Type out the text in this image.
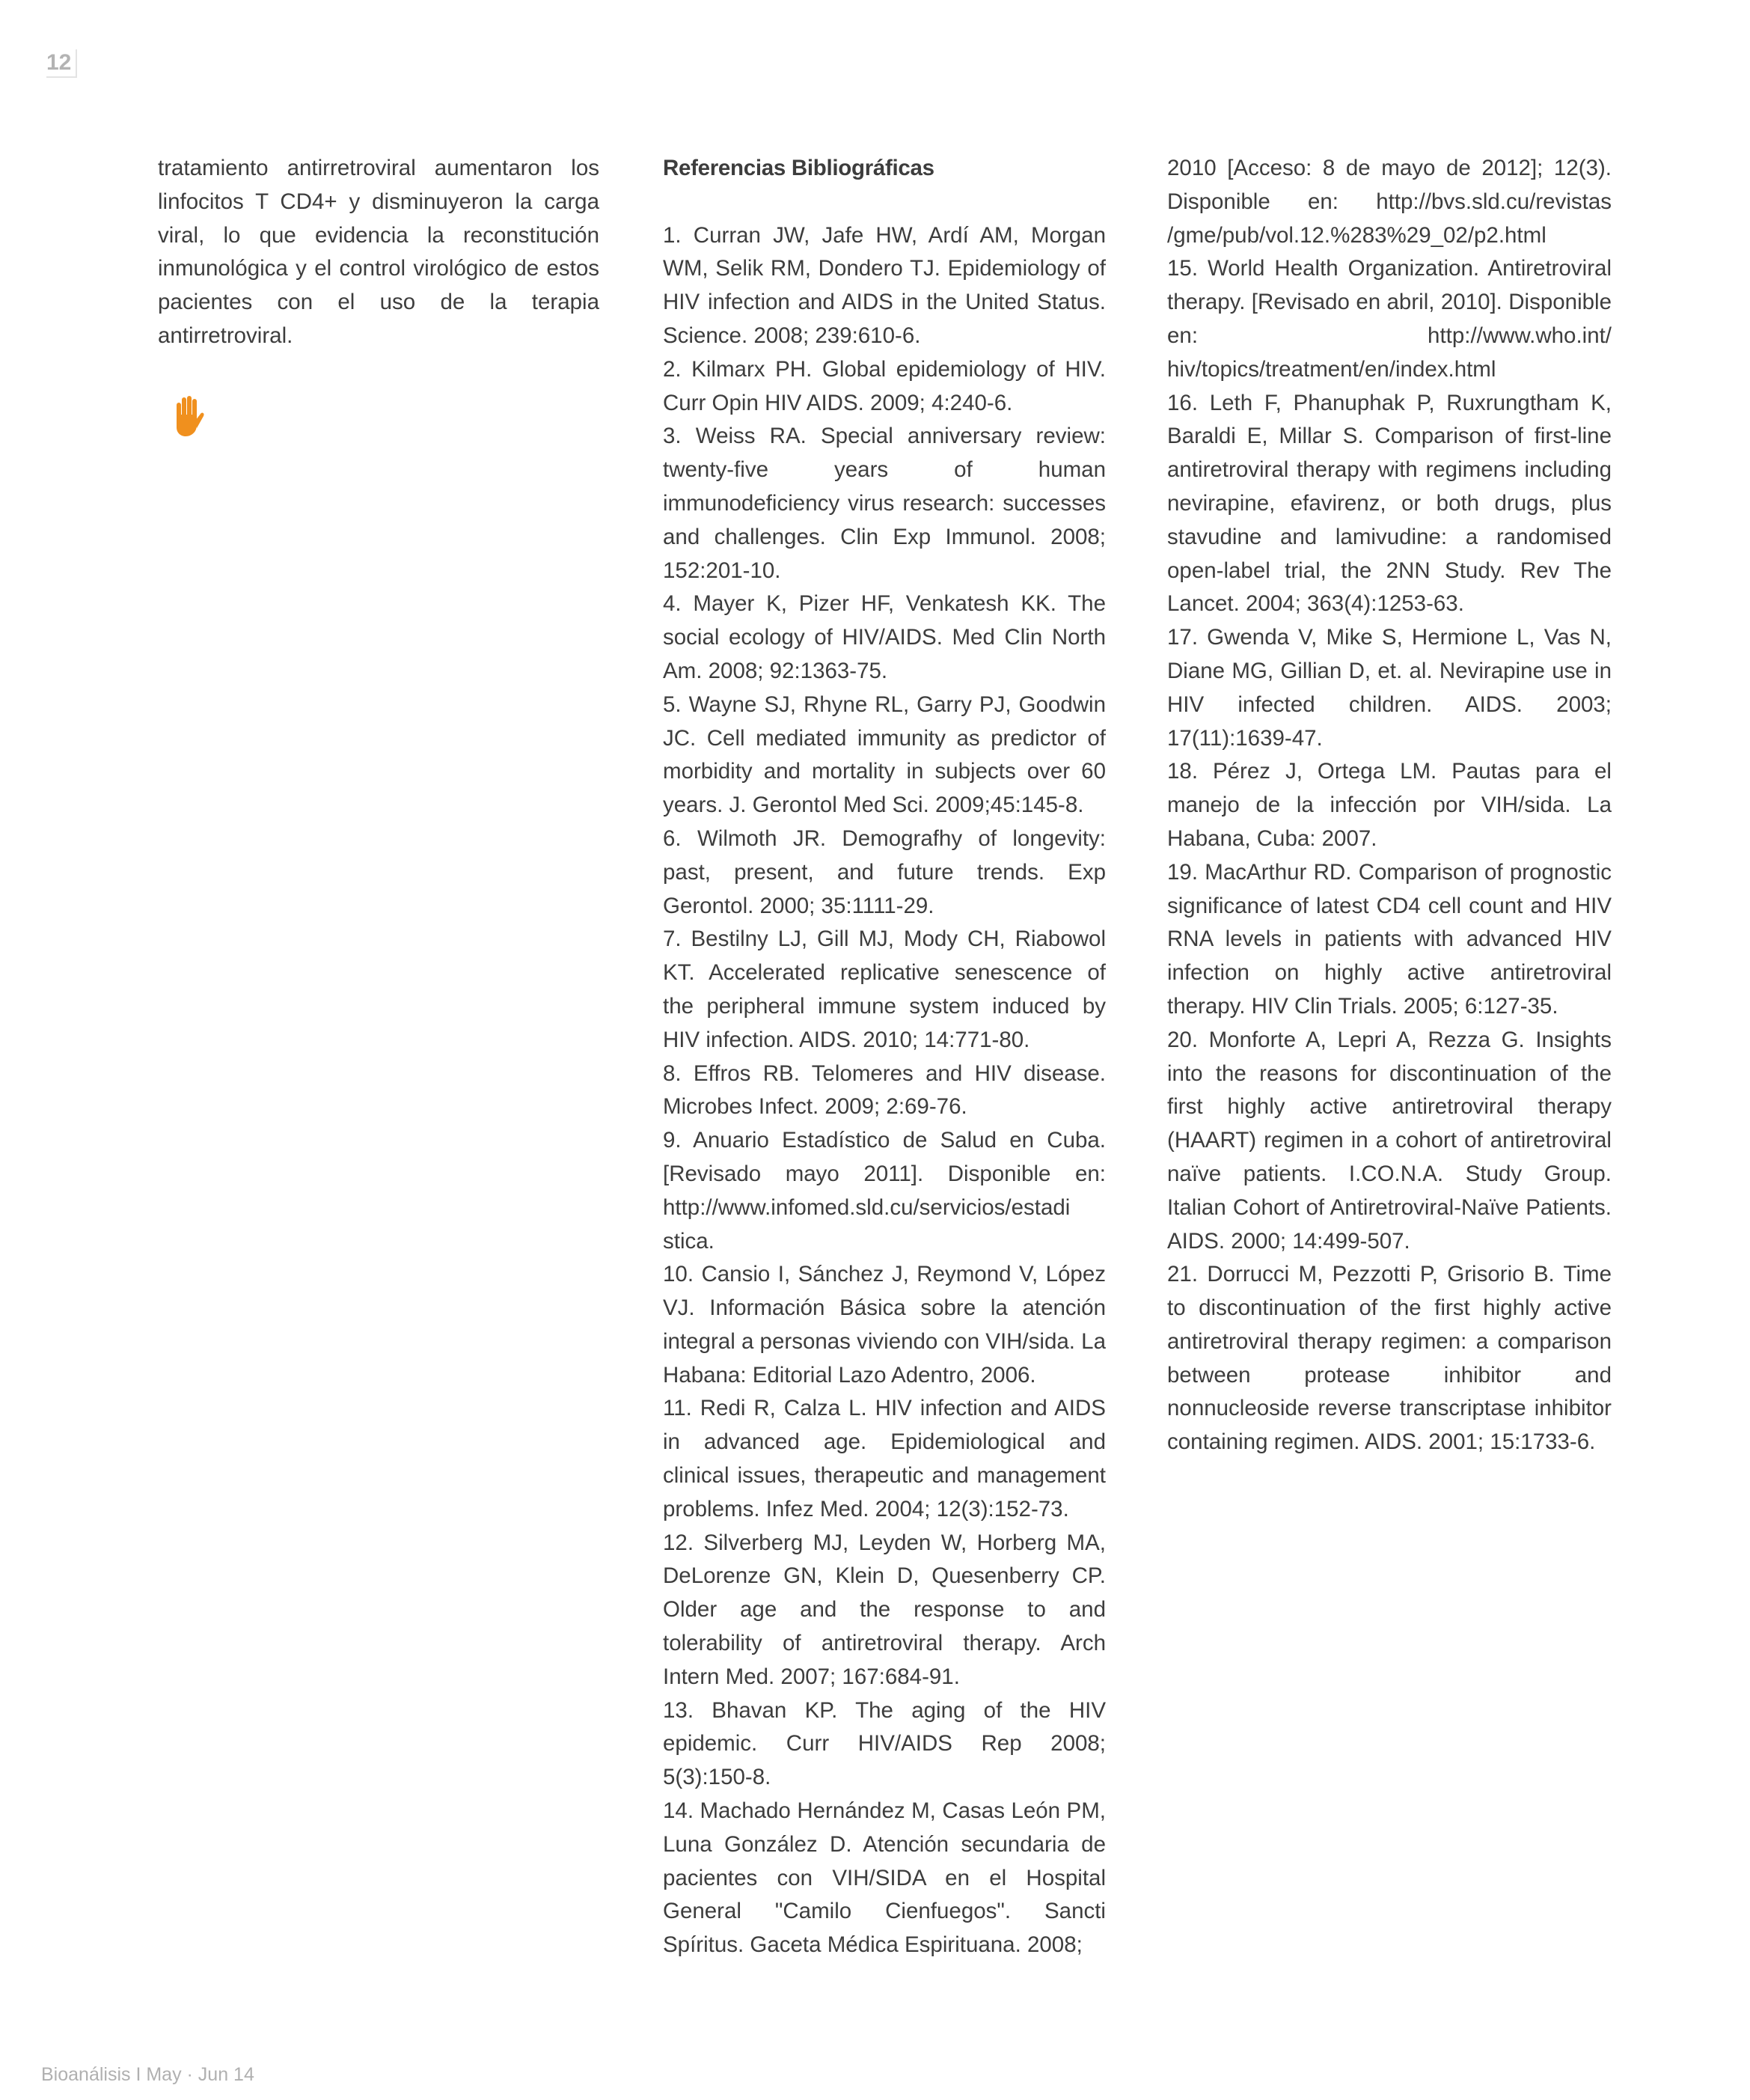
12

tratamiento antirretroviral aumentaron los linfocitos T CD4+ y disminuyeron la carga viral, lo que evidencia la reconstitución inmunológica y el control virológico de estos pacientes con el uso de la terapia antirretroviral.

Referencias Bibliográficas

1. Curran JW, Jafe HW, Ardí AM, Morgan WM, Selik RM, Dondero TJ. Epidemiology of HIV infection and AIDS in the United Status. Science. 2008; 239:610-6.

2. Kilmarx PH. Global epidemiology of HIV. Curr Opin HIV AIDS. 2009; 4:240-6.

3. Weiss RA. Special anniversary review: twenty-five years of human immunodeficiency virus research: successes and challenges. Clin Exp Immunol. 2008; 152:201-10.

4. Mayer K, Pizer HF, Venkatesh KK. The social ecology of HIV/AIDS. Med Clin North Am. 2008; 92:1363-75.

5. Wayne SJ, Rhyne RL, Garry PJ, Goodwin JC. Cell mediated immunity as predictor of morbidity and mortality in subjects over 60 years. J. Gerontol Med Sci. 2009;45:145-8.

6. Wilmoth JR. Demografhy of longevity: past, present, and future trends. Exp Gerontol. 2000; 35:1111-29.

7. Bestilny LJ, Gill MJ, Mody CH, Riabowol KT. Accelerated replicative senescence of the peripheral immune system induced by HIV infection. AIDS. 2010; 14:771-80.

8. Effros RB. Telomeres and HIV disease. Microbes Infect. 2009; 2:69-76.

9. Anuario Estadístico de Salud en Cuba. [Revisado mayo 2011]. Disponible en: http://www.infomed.sld.cu/servicios/estadi stica.

10. Cansio I, Sánchez J, Reymond V, López VJ. Información Básica sobre la atención integral a personas viviendo con VIH/sida. La Habana: Editorial Lazo Adentro, 2006.

11. Redi R, Calza L. HIV infection and AIDS in advanced age. Epidemiological and clinical issues, therapeutic and management problems. Infez Med. 2004; 12(3):152-73.

12. Silverberg MJ, Leyden W, Horberg MA, DeLorenze GN, Klein D, Quesenberry CP. Older age and the response to and tolerability of antiretroviral therapy. Arch Intern Med. 2007; 167:684-91.

13. Bhavan KP. The aging of the HIV epidemic. Curr HIV/AIDS Rep 2008; 5(3):150-8.

14. Machado Hernández M, Casas León PM, Luna González D. Atención secundaria de pacientes con VIH/SIDA en el Hospital General "Camilo Cienfuegos". Sancti Spíritus. Gaceta Médica Espirituana. 2008;

2010 [Acceso: 8 de mayo de 2012]; 12(3). Disponible en: http://bvs.sld.cu/revistas /gme/pub/vol.12.%283%29_02/p2.html

15. World Health Organization. Antiretroviral therapy. [Revisado en abril, 2010]. Disponible en: http://www.who.int/ hiv/topics/treatment/en/index.html

16. Leth F, Phanuphak P, Ruxrungtham K, Baraldi E, Millar S. Comparison of first-line antiretroviral therapy with regimens including nevirapine, efavirenz, or both drugs, plus stavudine and lamivudine: a randomised open-label trial, the 2NN Study. Rev The Lancet. 2004; 363(4):1253-63.

17. Gwenda V, Mike S, Hermione L, Vas N, Diane MG, Gillian D, et. al. Nevirapine use in HIV infected children. AIDS. 2003; 17(11):1639-47.

18. Pérez J, Ortega LM. Pautas para el manejo de la infección por VIH/sida. La Habana, Cuba: 2007.

19. MacArthur RD. Comparison of prognostic significance of latest CD4 cell count and HIV RNA levels in patients with advanced HIV infection on highly active antiretroviral therapy. HIV Clin Trials. 2005; 6:127-35.

20. Monforte A, Lepri A, Rezza G. Insights into the reasons for discontinuation of the first highly active antiretroviral therapy (HAART) regimen in a cohort of antiretroviral naïve patients. I.CO.N.A. Study Group. Italian Cohort of Antiretroviral-Naïve Patients. AIDS. 2000; 14:499-507.

21. Dorrucci M, Pezzotti P, Grisorio B. Time to discontinuation of the first highly active antiretroviral therapy regimen: a comparison between protease inhibitor and nonnucleoside reverse transcriptase inhibitor containing regimen. AIDS. 2001; 15:1733-6.

Bioanálisis I May · Jun 14
